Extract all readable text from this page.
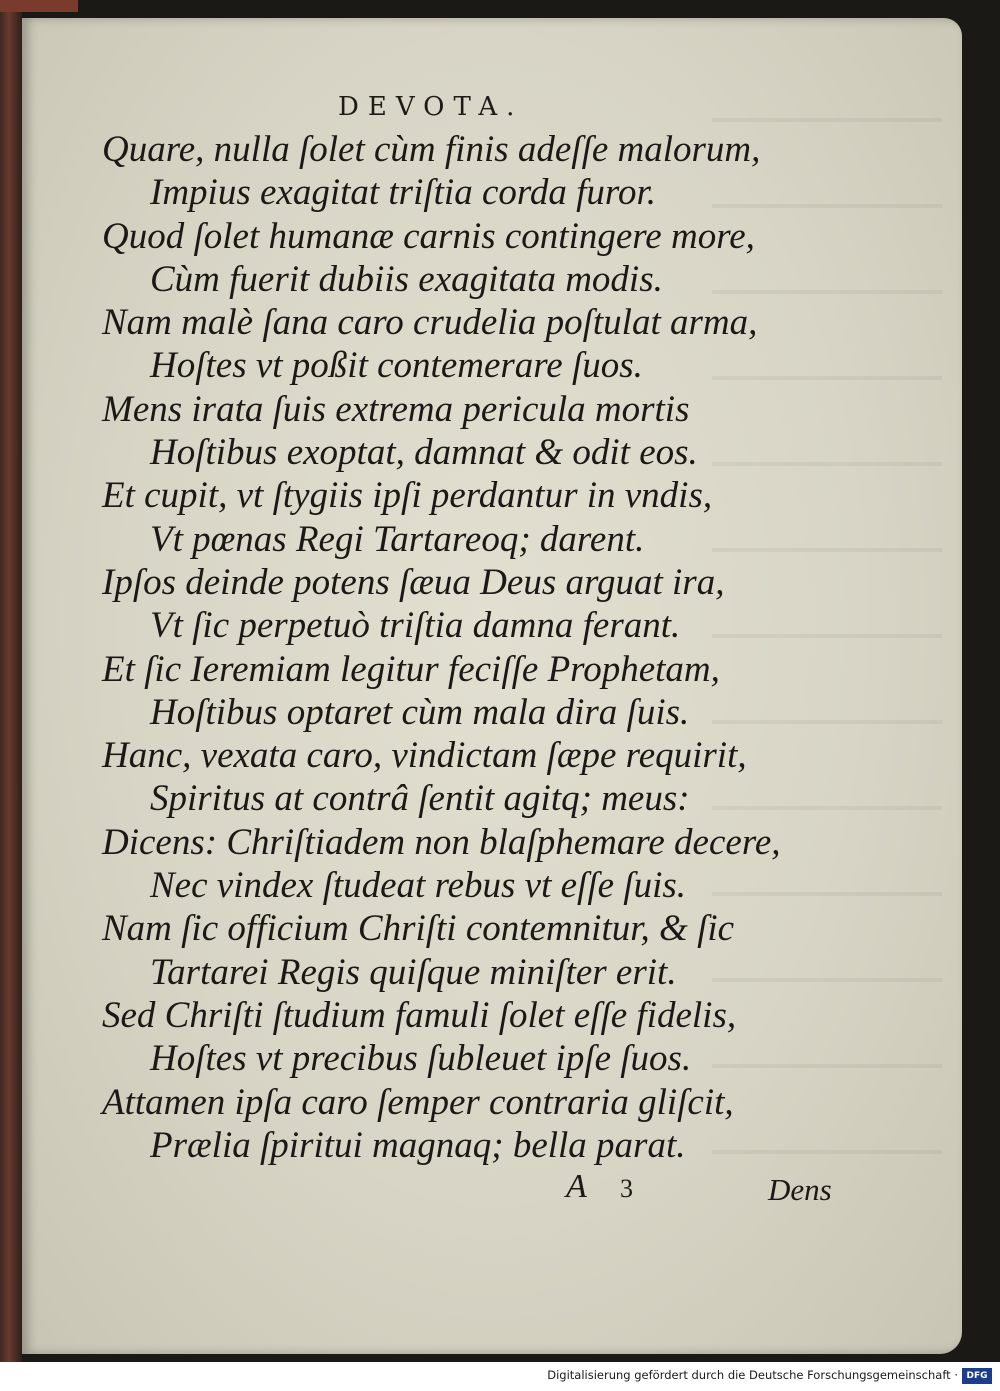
DEVOTA.
Quare, nulla ſolet cùm finis adeſſe malorum,
Impius exagitat triſtia corda furor.
Quod ſolet humanæ carnis contingere more,
Cùm fuerit dubiis exagitata modis.
Nam malè ſana caro crudelia poſtulat arma,
Hoſtes vt poßit contemerare ſuos.
Mens irata ſuis extrema pericula mortis
Hoſtibus exoptat, damnat & odit eos.
Et cupit, vt ſtygiis ipſi perdantur in vndis,
Vt pœnas Regi Tartareoq; darent.
Ipſos deinde potens ſæua Deus arguat ira,
Vt ſic perpetuò triſtia damna ferant.
Et ſic Ieremiam legitur feciſſe Prophetam,
Hoſtibus optaret cùm mala dira ſuis.
Hanc, vexata caro, vindictam ſæpe requirit,
Spiritus at contrâ ſentit agitq; meus:
Dicens: Chriſtiadem non blaſphemare decere,
Nec vindex ſtudeat rebus vt eſſe ſuis.
Nam ſic officium Chriſti contemnitur, & ſic
Tartarei Regis quiſque miniſter erit.
Sed Chriſti ſtudium famuli ſolet eſſe fidelis,
Hoſtes vt precibus ſubleuet ipſe ſuos.
Attamen ipſa caro ſemper contraria gliſcit,
Prælia ſpiritui magnaq; bella parat.
A 3	Dens
Digitalisierung gefördert durch die Deutsche Forschungsgemeinschaft · DFG
